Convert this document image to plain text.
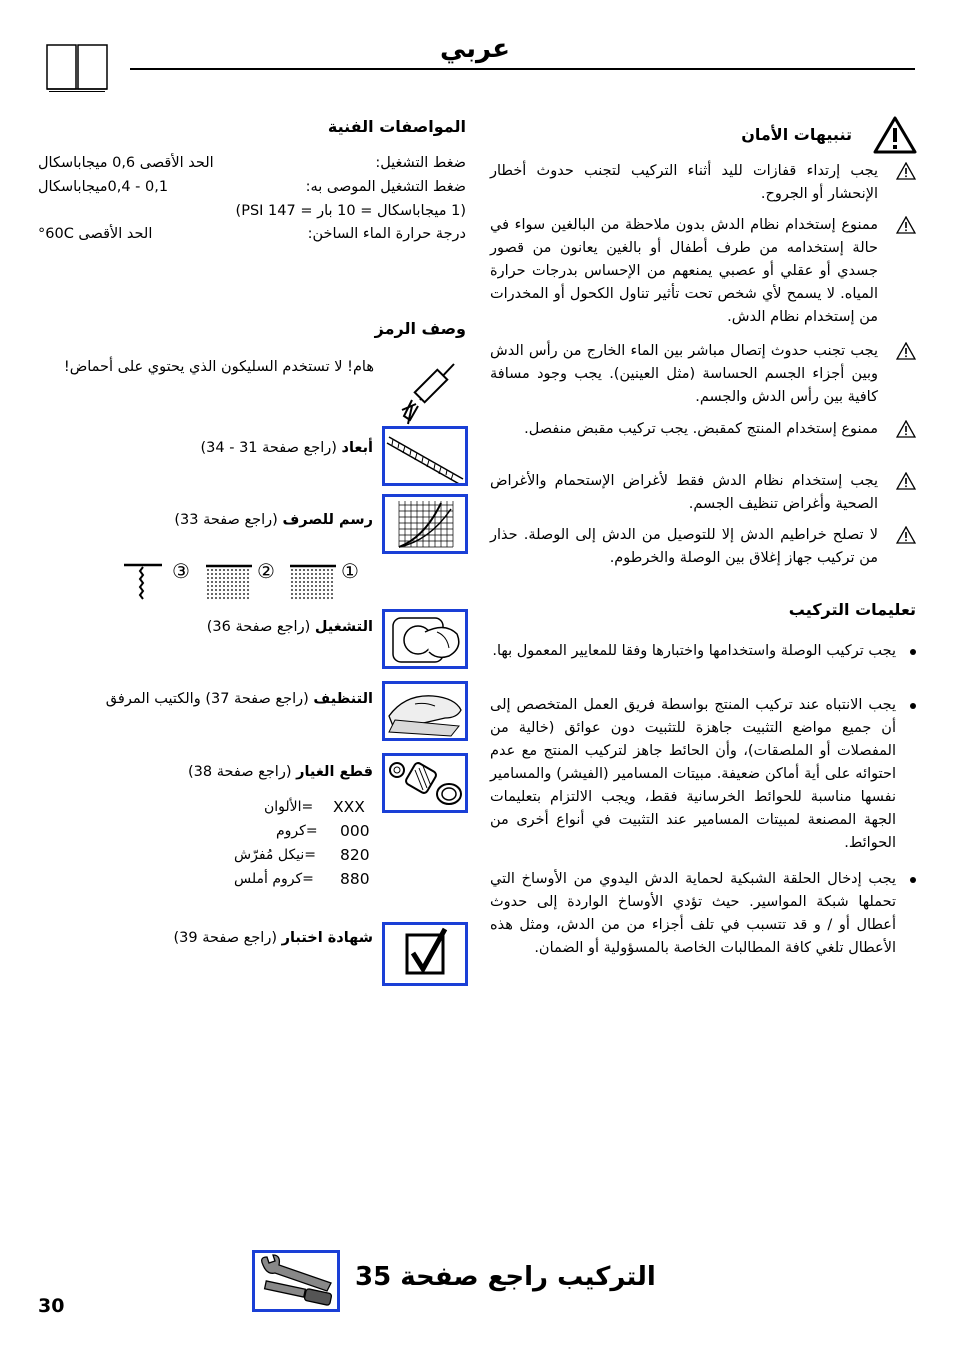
عربي
المواصفات الفنية
ضغط التشغيل:
الحد الأقصى 0,6 ميجاباسكال
ضغط التشغيل الموصى به:
0,1 - 0,4ميجاباسكال
(1 ميجاباسكال = 10 بار = 147 PSI)
درجة حرارة الماء الساخن:
الحد الأقصى 60C°
وصف الرمز
هام! لا تستخدم السليكون الذي يحتوي على أحماض!
أبعاد (راجع صفحة 31 - 34)
رسم للصرف (راجع صفحة 33)
③	②	①
التشغيل (راجع صفحة 36)
التنظيف (راجع صفحة 37) والكتيب المرفق
قطع الغيار (راجع صفحة 38)
=الألوان XXX
=كروم 000
=نيكل مُفرّش 820
=كروم أملس 880
شهادة اختبار (راجع صفحة 39)
تنبيهات الأمان
يجب إرتداء قفازات لليد أثناء التركيب لتجنب حدوث أخطار الإنحشار أو الجروح.
ممنوع إستخدام نظام الدش بدون ملاحظة من البالغين سواء في حالة إستخدامه من طرف أطفال أو بالغين يعانون من قصور جسدي أو عقلي أو عصبي يمنعهم من الإحساس بدرجات حرارة المياه. لا يسمح لأي شخص تحت تأثير تناول الكحول أو المخدرات من إستخدام نظام الدش.
يجب تجنب حدوث إتصال مباشر بين الماء الخارج من رأس الدش وبين أجزاء الجسم الحساسة (مثل العينين). يجب وجود مسافة كافية بين رأس الدش والجسم.
ممنوع إستخدام المنتج كمقبض. يجب تركيب مقبض منفصل.
يجب إستخدام نظام الدش فقط لأغراض الإستحمام والأغراض الصحية وأغراض تنظيف الجسم.
لا تصلح خراطيم الدش إلا للتوصيل من الدش إلى الوصلة. حذار من تركيب جهاز إغلاق بين الوصلة والخرطوم.
تعليمات التركيب
يجب تركيب الوصلة واستخدامها واختبارها وفقا للمعايير المعمول بها.
يجب الانتباه عند تركيب المنتج بواسطة فريق العمل المتخصص إلى أن جميع مواضع التثبيت جاهزة للتثبيت دون عوائق (خالية من المفصلات أو الملصقات)، وأن الحائط جاهز لتركيب المنتج مع عدم احتوائه على أية أماكن ضعيفة. مبيتات المسامير (الفيشر) والمسامير نفسها مناسبة للحوائط الخرسانية فقط، ويجب الالتزام بتعليمات الجهة المصنعة لمبيتات المسامير عند التثبيت في أنواع أخرى من الحوائط.
يجب إدخال الحلقة الشبكية لحماية الدش اليدوي من الأوساخ التي تحملها شبكة المواسير. حيث تؤدي الأوساخ الواردة إلى حدوث أعطال أو / و قد تتسبب في تلف أجزاء من من الدش، ومثل هذه الأعطال تلغي كافة المطالبات الخاصة بالمسؤولية أو الضمان.
التركيب راجع صفحة 35
30
